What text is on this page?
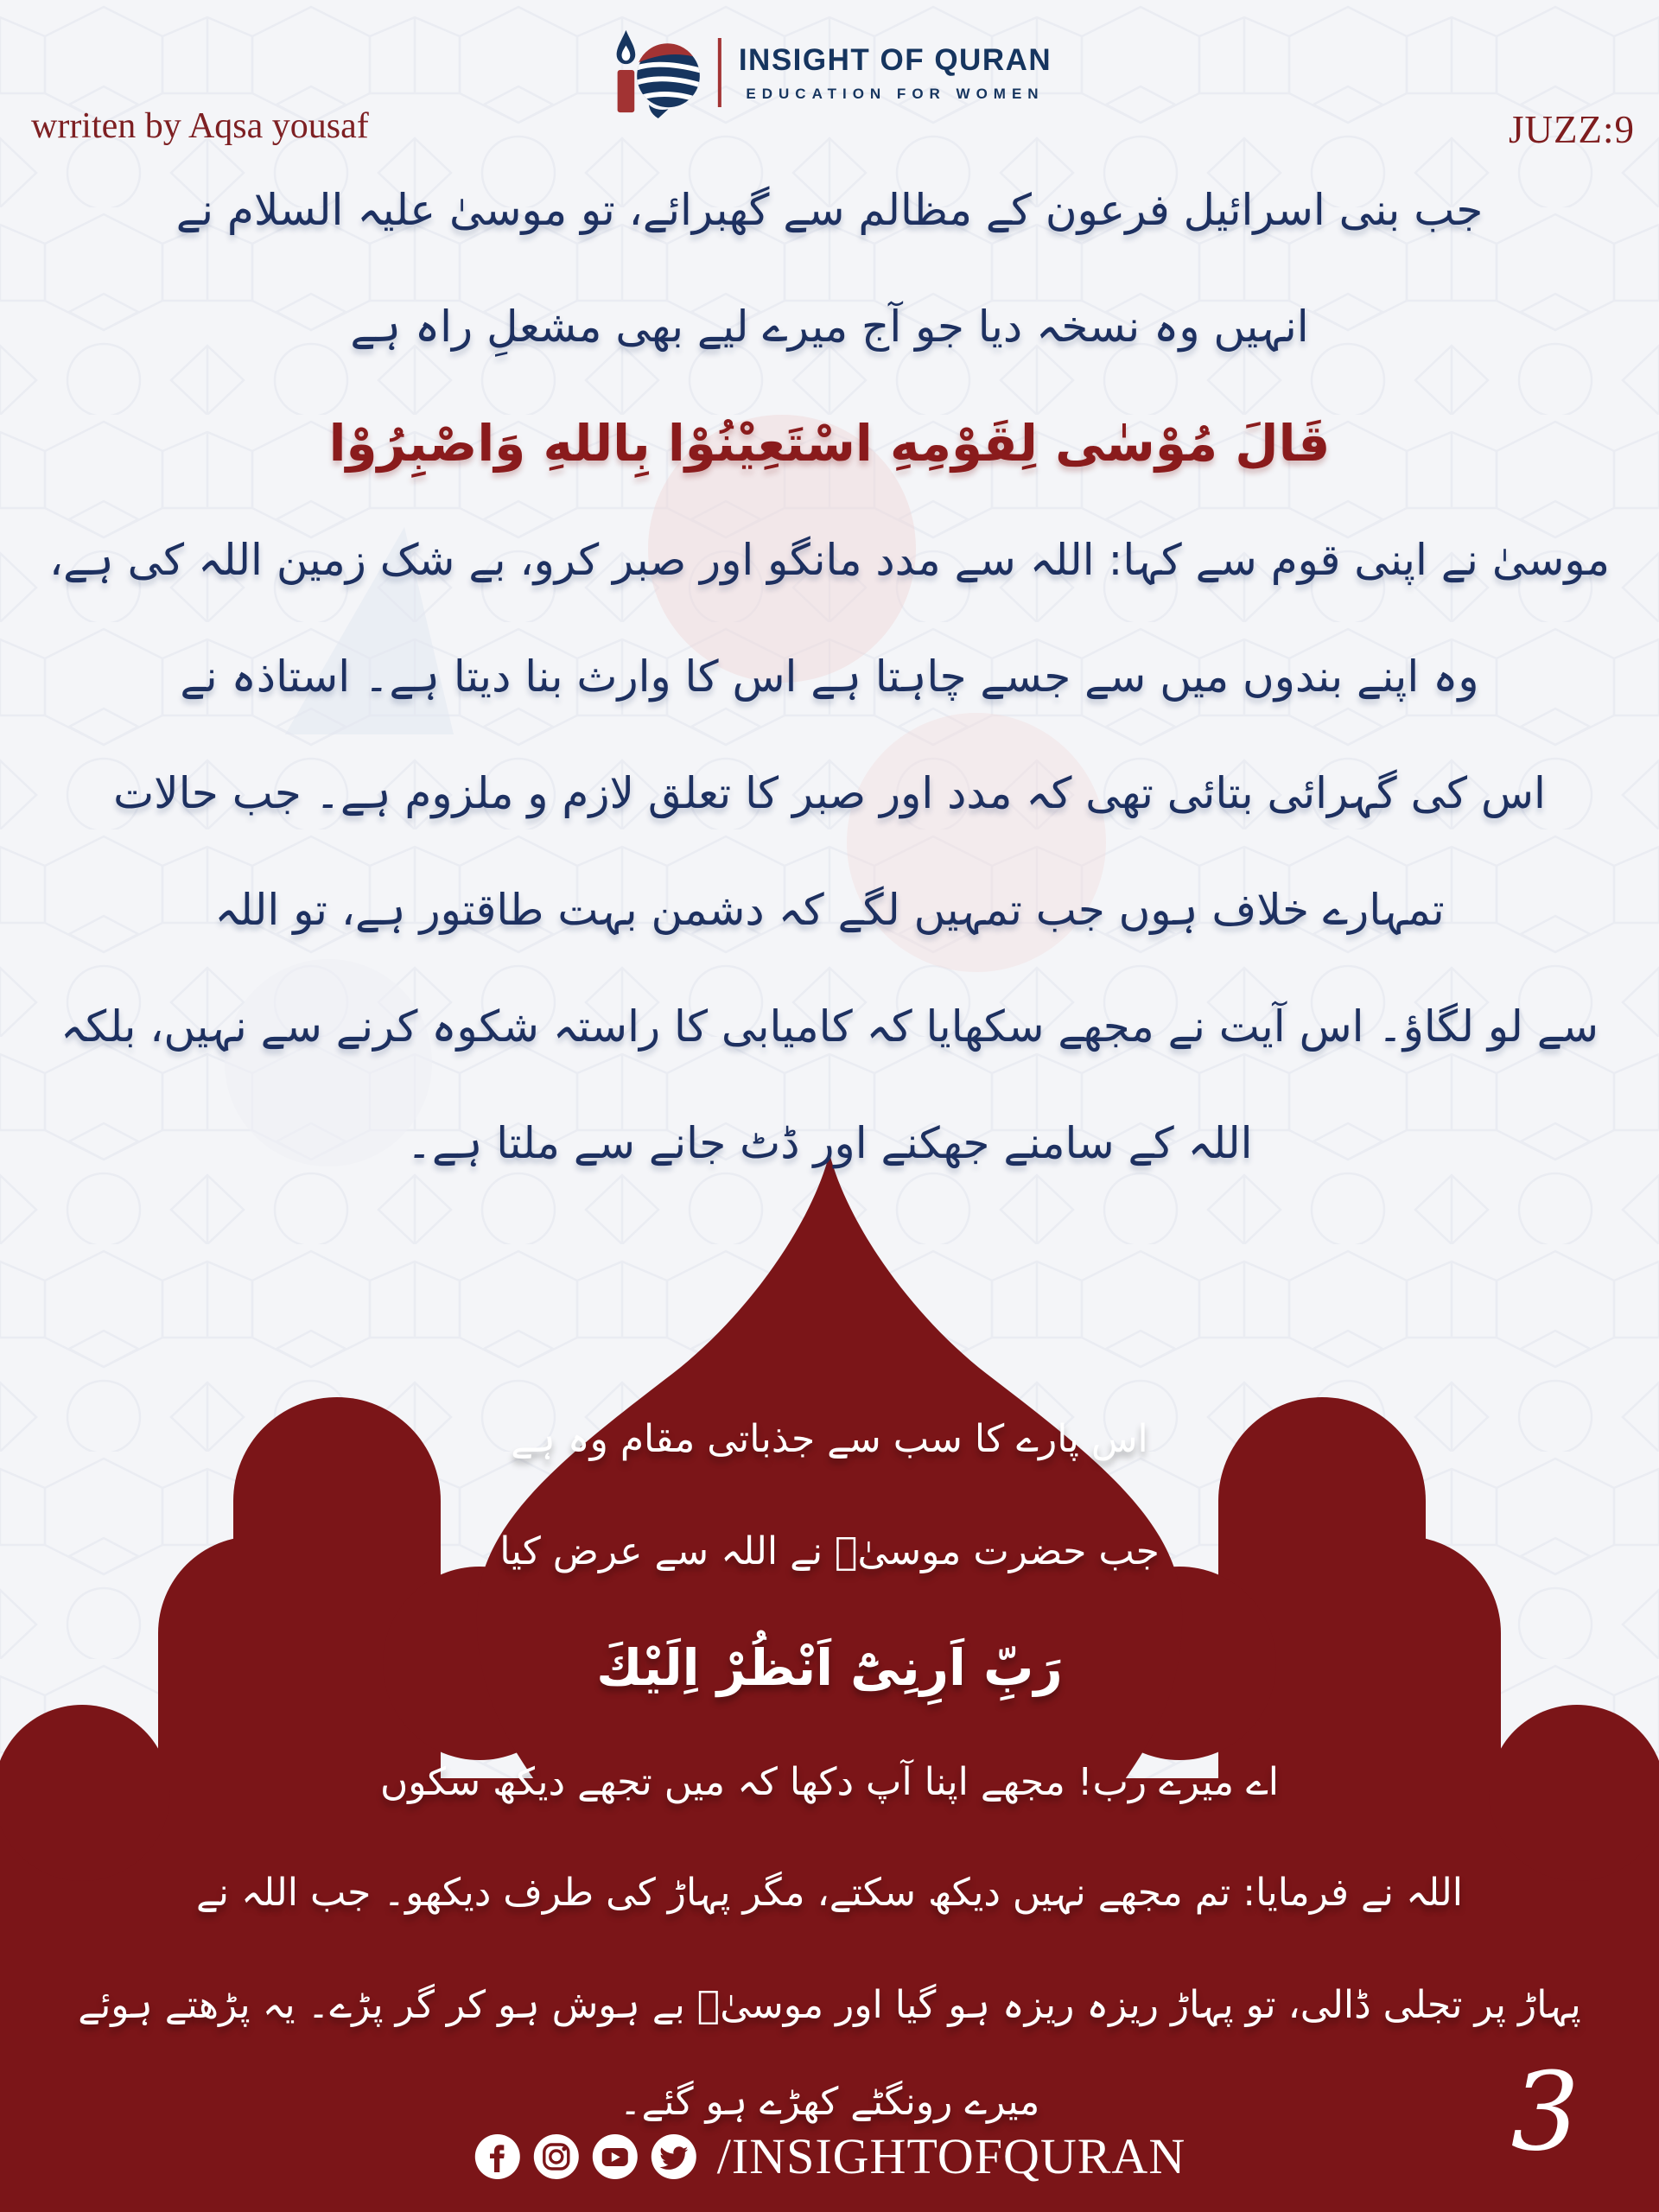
wrriten by Aqsa yousaf
INSIGHT OF QURAN
EDUCATION FOR WOMEN
JUZZ:9
جب بنی اسرائیل فرعون کے مظالم سے گھبرائے، تو موسیٰ علیہ السلام نے
انہیں وہ نسخہ دیا جو آج میرے لیے بھی مشعلِ راہ ہے
قَالَ مُوْسٰی لِقَوْمِهِ اسْتَعِیْنُوْا بِاللهِ وَاصْبِرُوْا
موسیٰ نے اپنی قوم سے کہا: اللہ سے مدد مانگو اور صبر کرو، بے شک زمین اللہ کی ہے،
وہ اپنے بندوں میں سے جسے چاہتا ہے اس کا وارث بنا دیتا ہے۔ استاذہ نے
اس کی گہرائی بتائی تھی کہ مدد اور صبر کا تعلق لازم و ملزوم ہے۔ جب حالات
تمہارے خلاف ہوں جب تمہیں لگے کہ دشمن بہت طاقتور ہے، تو اللہ
سے لو لگاؤ۔ اس آیت نے مجھے سکھایا کہ کامیابی کا راستہ شکوہ کرنے سے نہیں، بلکہ
اللہ کے سامنے جھکنے اور ڈٹ جانے سے ملتا ہے۔
اس پارے کا سب سے جذباتی مقام وہ ہے
جب حضرت موسیٰؑ نے اللہ سے عرض کیا
رَبِّ اَرِنِیْٓ اَنْظُرْ اِلَیْكَ
اے میرے رب! مجھے اپنا آپ دکھا کہ میں تجھے دیکھ سکوں
اللہ نے فرمایا: تم مجھے نہیں دیکھ سکتے، مگر پہاڑ کی طرف دیکھو۔ جب اللہ نے
پہاڑ پر تجلی ڈالی، تو پہاڑ ریزہ ریزہ ہو گیا اور موسیٰؑ بے ہوش ہو کر گر پڑے۔ یہ پڑھتے ہوئے
میرے رونگٹے کھڑے ہو گئے۔
/INSIGHTOFQURAN	3
